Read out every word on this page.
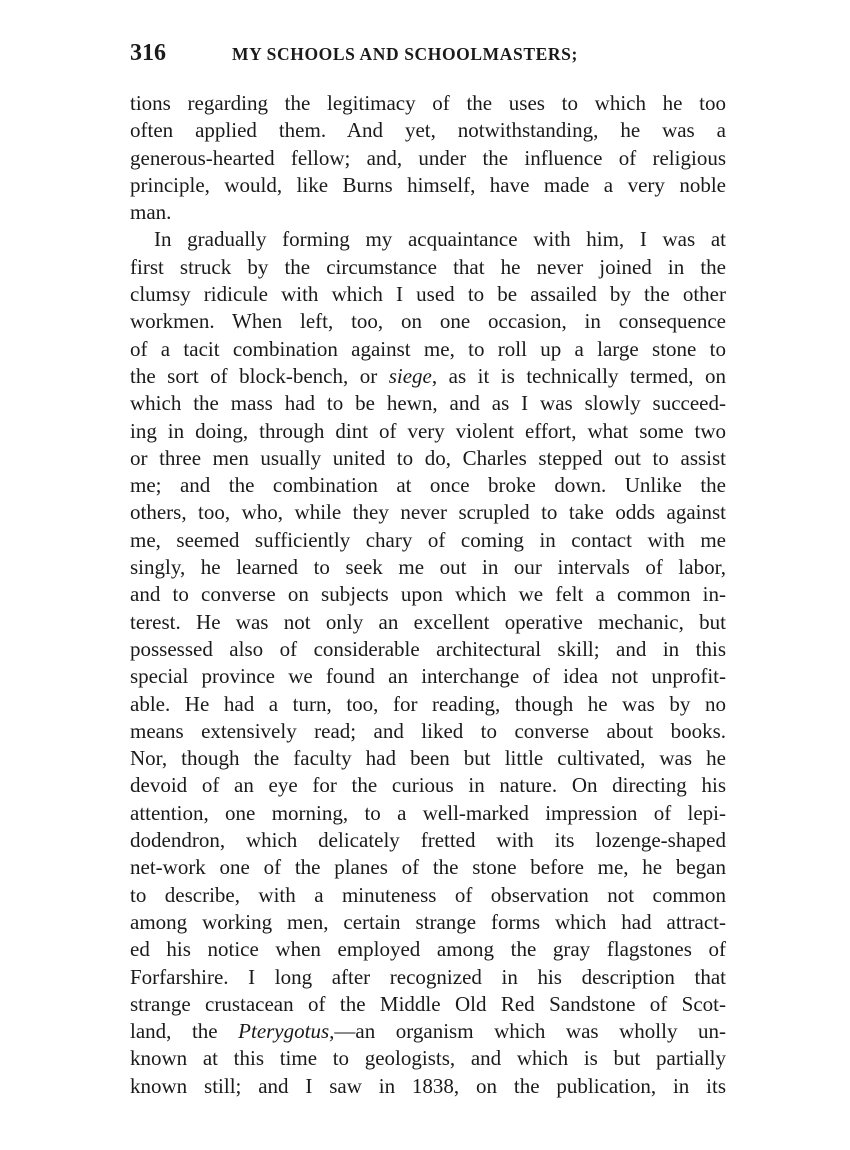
316	MY SCHOOLS AND SCHOOLMASTERS;
tions regarding the legitimacy of the uses to which he too
often applied them. And yet, notwithstanding, he was a
generous-hearted fellow; and, under the influence of religious
principle, would, like Burns himself, have made a very noble
man.
In gradually forming my acquaintance with him, I was at
first struck by the circumstance that he never joined in the
clumsy ridicule with which I used to be assailed by the other
workmen. When left, too, on one occasion, in consequence
of a tacit combination against me, to roll up a large stone to
the sort of block-bench, or siege, as it is technically termed, on
which the mass had to be hewn, and as I was slowly succeed-
ing in doing, through dint of very violent effort, what some two
or three men usually united to do, Charles stepped out to assist
me; and the combination at once broke down. Unlike the
others, too, who, while they never scrupled to take odds against
me, seemed sufficiently chary of coming in contact with me
singly, he learned to seek me out in our intervals of labor,
and to converse on subjects upon which we felt a common in-
terest. He was not only an excellent operative mechanic, but
possessed also of considerable architectural skill; and in this
special province we found an interchange of idea not unprofit-
able. He had a turn, too, for reading, though he was by no
means extensively read; and liked to converse about books.
Nor, though the faculty had been but little cultivated, was he
devoid of an eye for the curious in nature. On directing his
attention, one morning, to a well-marked impression of lepi-
dodendron, which delicately fretted with its lozenge-shaped
net-work one of the planes of the stone before me, he began
to describe, with a minuteness of observation not common
among working men, certain strange forms which had attract-
ed his notice when employed among the gray flagstones of
Forfarshire. I long after recognized in his description that
strange crustacean of the Middle Old Red Sandstone of Scot-
land, the Pterygotus,—an organism which was wholly un-
known at this time to geologists, and which is but partially
known still; and I saw in 1838, on the publication, in its
